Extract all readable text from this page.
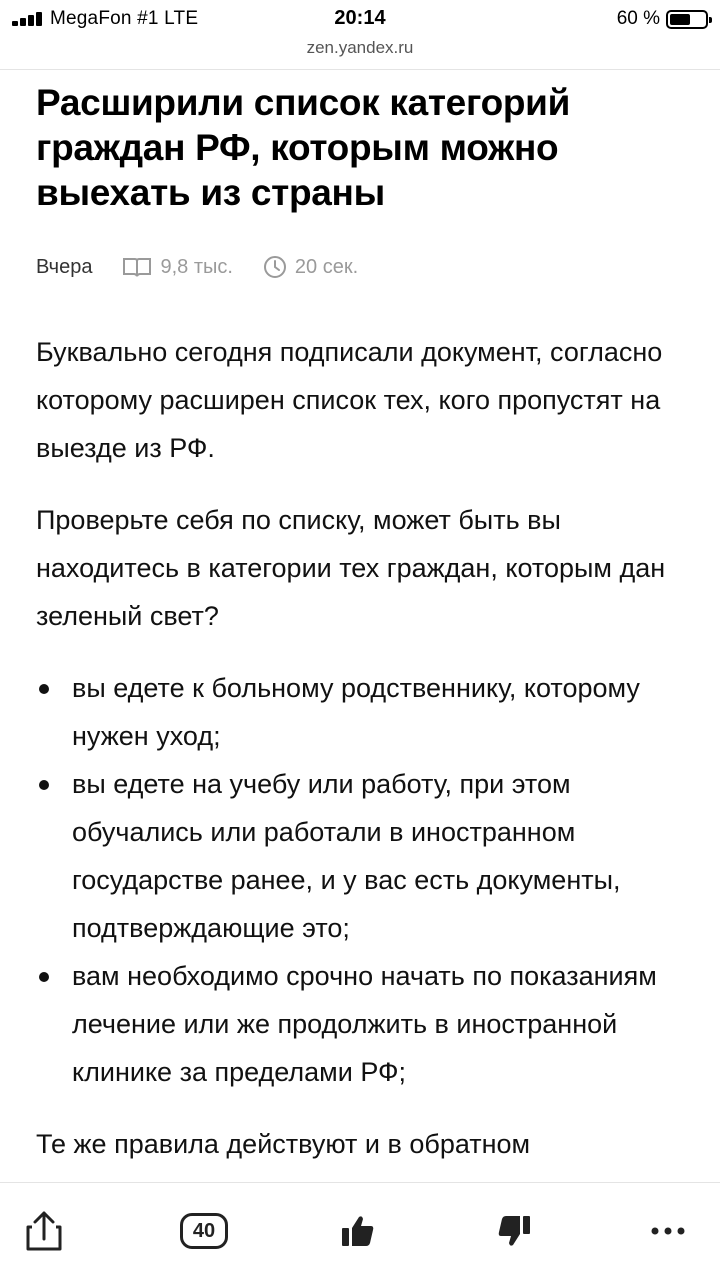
MegaFon #1 LTE	20:14	60 %
zen.yandex.ru
Расширили список категорий граждан РФ, которым можно выехать из страны
Вчера	9,8 тыс.	20 сек.

Буквально сегодня подписали документ, согласно которому расширен список тех, кого пропустят на выезде из РФ.

Проверьте себя по списку, может быть вы находитесь в категории тех граждан, которым дан зеленый свет?

вы едете к больному родственнику, которому нужен уход;
вы едете на учебу или работу, при этом обучались или работали в иностранном государстве ранее, и у вас есть документы, подтверждающие это;
вам необходимо срочно начать по показаниям лечение или же продолжить в иностранной клинике за пределами РФ;

Те же правила действуют и в обратном

40
